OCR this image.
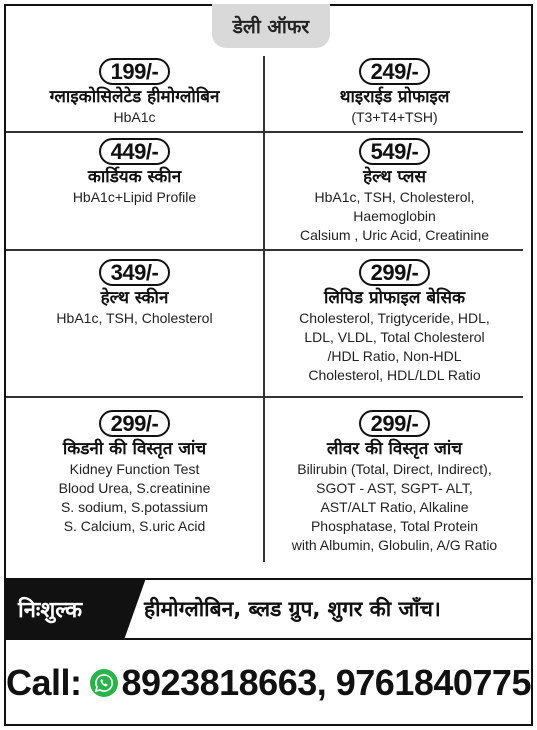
डेली ऑफर
199/-
ग्लाइकोसिलेटेड हीमोग्लोबिन
HbA1c
249/-
थाइराईड प्रोफाइल
(T3+T4+TSH)
449/-
कार्डियक स्कीन
HbA1c+Lipid Profile
549/-
हेल्थ प्लस
HbA1c, TSH, Cholesterol,
Haemoglobin
Calsium , Uric Acid, Creatinine
349/-
हेल्थ स्कीन
HbA1c, TSH, Cholesterol
299/-
लिपिड प्रोफाइल बेसिक
Cholesterol, Trigtyceride, HDL,
LDL, VLDL, Total Cholesterol
/HDL Ratio, Non-HDL
Cholesterol, HDL/LDL Ratio
299/-
किडनी की विस्तृत जांच
Kidney Function Test
Blood Urea, S.creatinine
S. sodium, S.potassium
S. Calcium, S.uric Acid
299/-
लीवर की विस्तृत जांच
Bilirubin (Total, Direct, Indirect),
SGOT - AST, SGPT- ALT,
AST/ALT Ratio, Alkaline
Phosphatase, Total Protein
with Albumin, Globulin, A/G Ratio
निःशुल्क	हीमोग्लोबिन, ब्लड ग्रुप, शुगर की जाँच।
Call: 8923818663, 9761840775
